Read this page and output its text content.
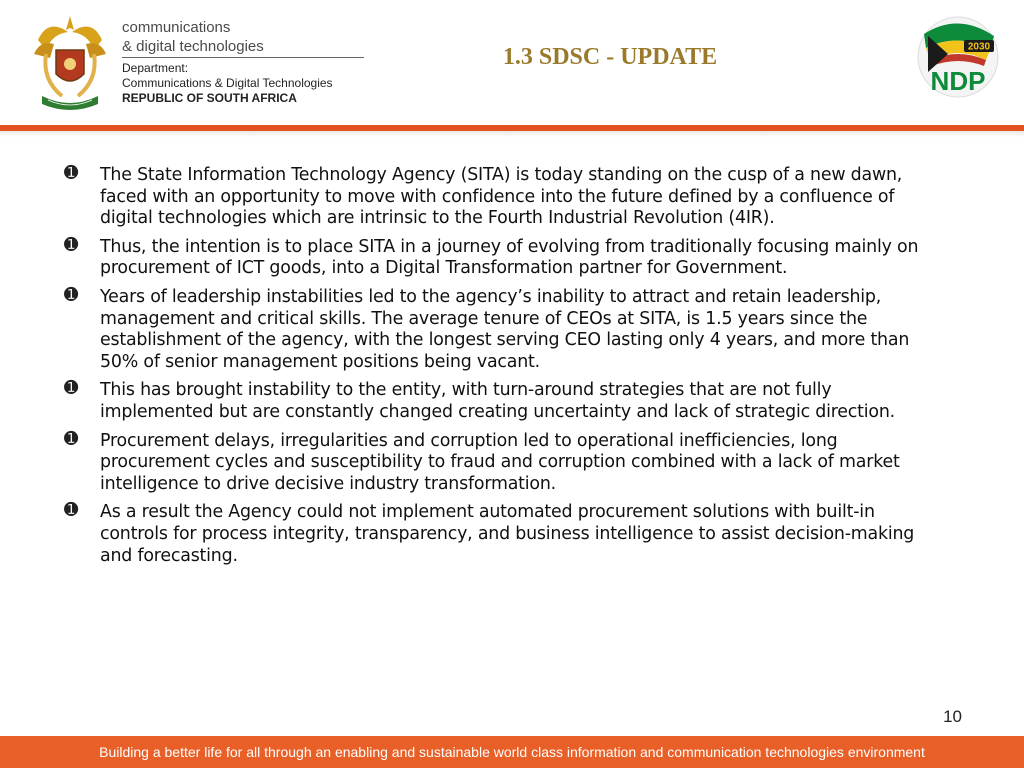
communications
& digital technologies
Department:
Communications & Digital Technologies
REPUBLIC OF SOUTH AFRICA
1.3 SDSC - UPDATE	2030
NDP
➊	The State Information Technology Agency (SITA) is today standing on the cusp of a new dawn, faced with an opportunity to move with confidence into the future defined by a confluence of digital technologies which are intrinsic to the Fourth Industrial Revolution (4IR).
➊	Thus, the intention is to place SITA in a journey of evolving from traditionally focusing mainly on procurement of ICT goods, into a Digital Transformation partner for Government.
➊	Years of leadership instabilities led to the agency’s inability to attract and retain leadership, management and critical skills. The average tenure of CEOs at SITA, is 1.5 years since the establishment of the agency, with the longest serving CEO lasting only 4 years, and more than 50% of senior management positions being vacant.
➊	This has brought instability to the entity, with turn-around strategies that are not fully implemented but are constantly changed creating uncertainty and lack of strategic direction.
➊	Procurement delays, irregularities and corruption led to operational inefficiencies, long procurement cycles and susceptibility to fraud and corruption combined with a lack of market intelligence to drive decisive industry transformation.
➊	As a result the Agency could not implement automated procurement solutions with built-in controls for process integrity, transparency, and business intelligence to assist decision-making and forecasting.
10
Building a better life for all through an enabling and sustainable world class information and communication technologies environment
